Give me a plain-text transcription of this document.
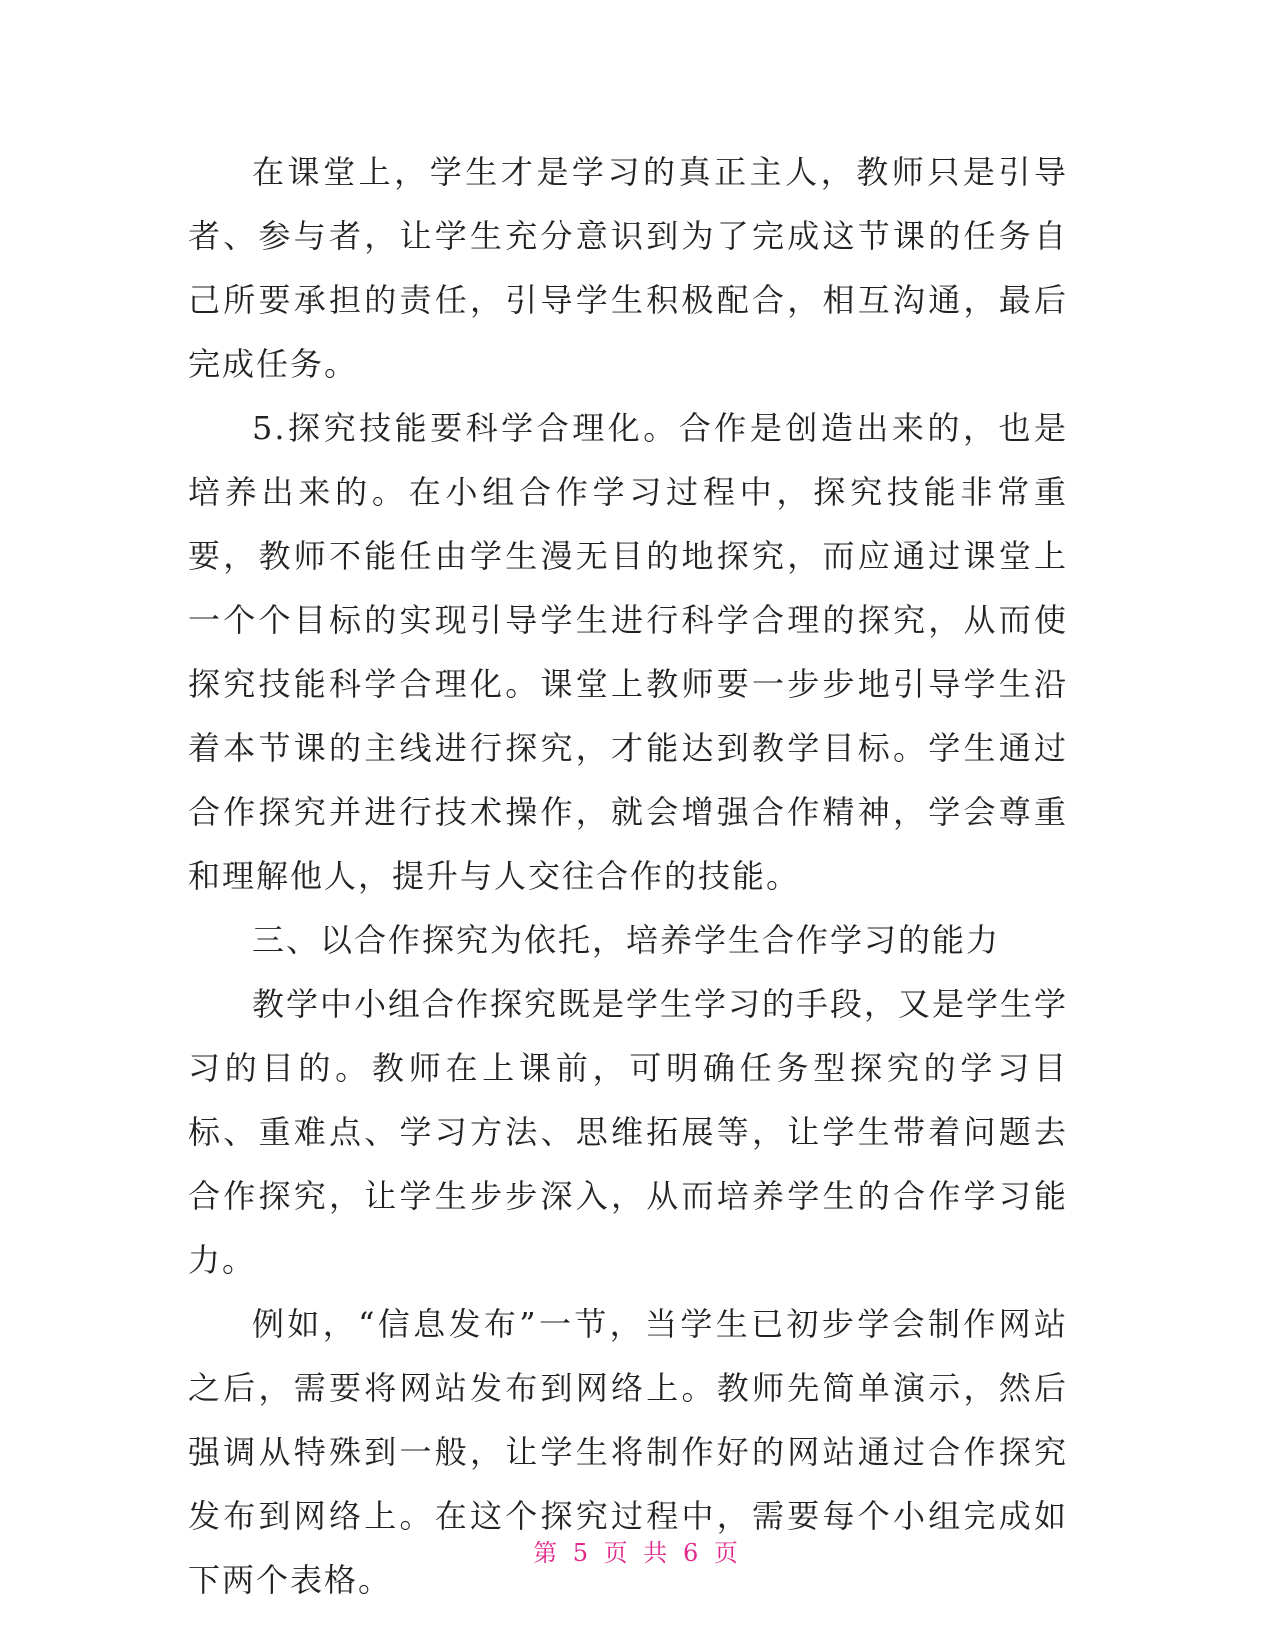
在课堂上，学生才是学习的真正主人，教师只是引导者、参与者，让学生充分意识到为了完成这节课的任务自己所要承担的责任，引导学生积极配合，相互沟通，最后完成任务。

5.探究技能要科学合理化。合作是创造出来的，也是培养出来的。在小组合作学习过程中，探究技能非常重要，教师不能任由学生漫无目的地探究，而应通过课堂上一个个目标的实现引导学生进行科学合理的探究，从而使探究技能科学合理化。课堂上教师要一步步地引导学生沿着本节课的主线进行探究，才能达到教学目标。学生通过合作探究并进行技术操作，就会增强合作精神，学会尊重和理解他人，提升与人交往合作的技能。

三、以合作探究为依托，培养学生合作学习的能力

教学中小组合作探究既是学生学习的手段，又是学生学习的目的。教师在上课前，可明确任务型探究的学习目标、重难点、学习方法、思维拓展等，让学生带着问题去合作探究，让学生步步深入，从而培养学生的合作学习能力。

例如，“信息发布”一节，当学生已初步学会制作网站之后，需要将网站发布到网络上。教师先简单演示，然后强调从特殊到一般，让学生将制作好的网站通过合作探究发布到网络上。在这个探究过程中，需要每个小组完成如下两个表格。

第 5 页 共 6 页
